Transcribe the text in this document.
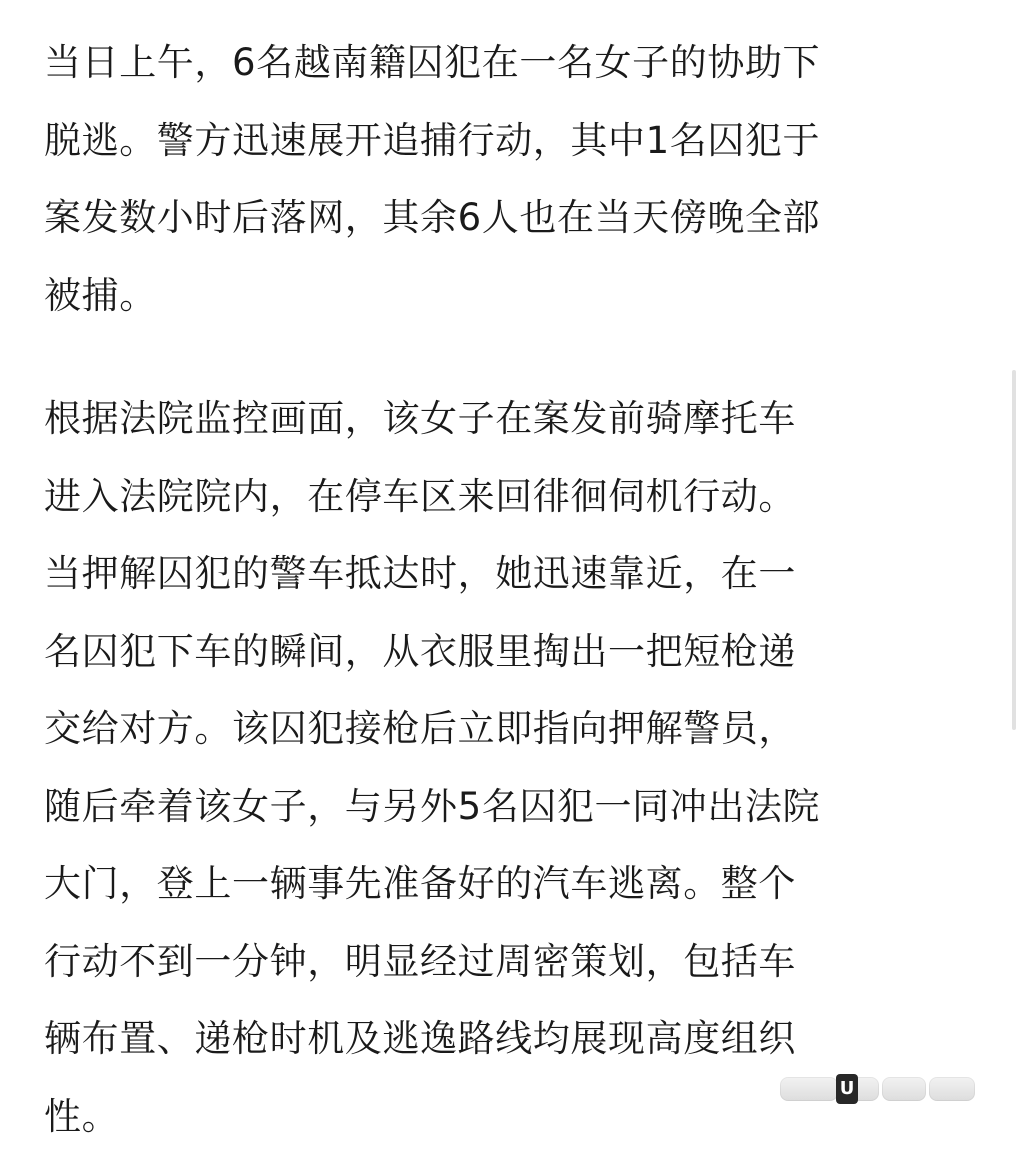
当日上午，6名越南籍囚犯在一名女子的协助下
脱逃。警方迅速展开追捕行动，其中1名囚犯于
案发数小时后落网，其余6人也在当天傍晚全部
被捕。
根据法院监控画面，该女子在案发前骑摩托车
进入法院院内，在停车区来回徘徊伺机行动。
当押解囚犯的警车抵达时，她迅速靠近，在一
名囚犯下车的瞬间，从衣服里掏出一把短枪递
交给对方。该囚犯接枪后立即指向押解警员，
随后牵着该女子，与另外5名囚犯一同冲出法院
大门，登上一辆事先准备好的汽车逃离。整个
行动不到一分钟，明显经过周密策划，包括车
辆布置、递枪时机及逃逸路线均展现高度组织
性。
U
